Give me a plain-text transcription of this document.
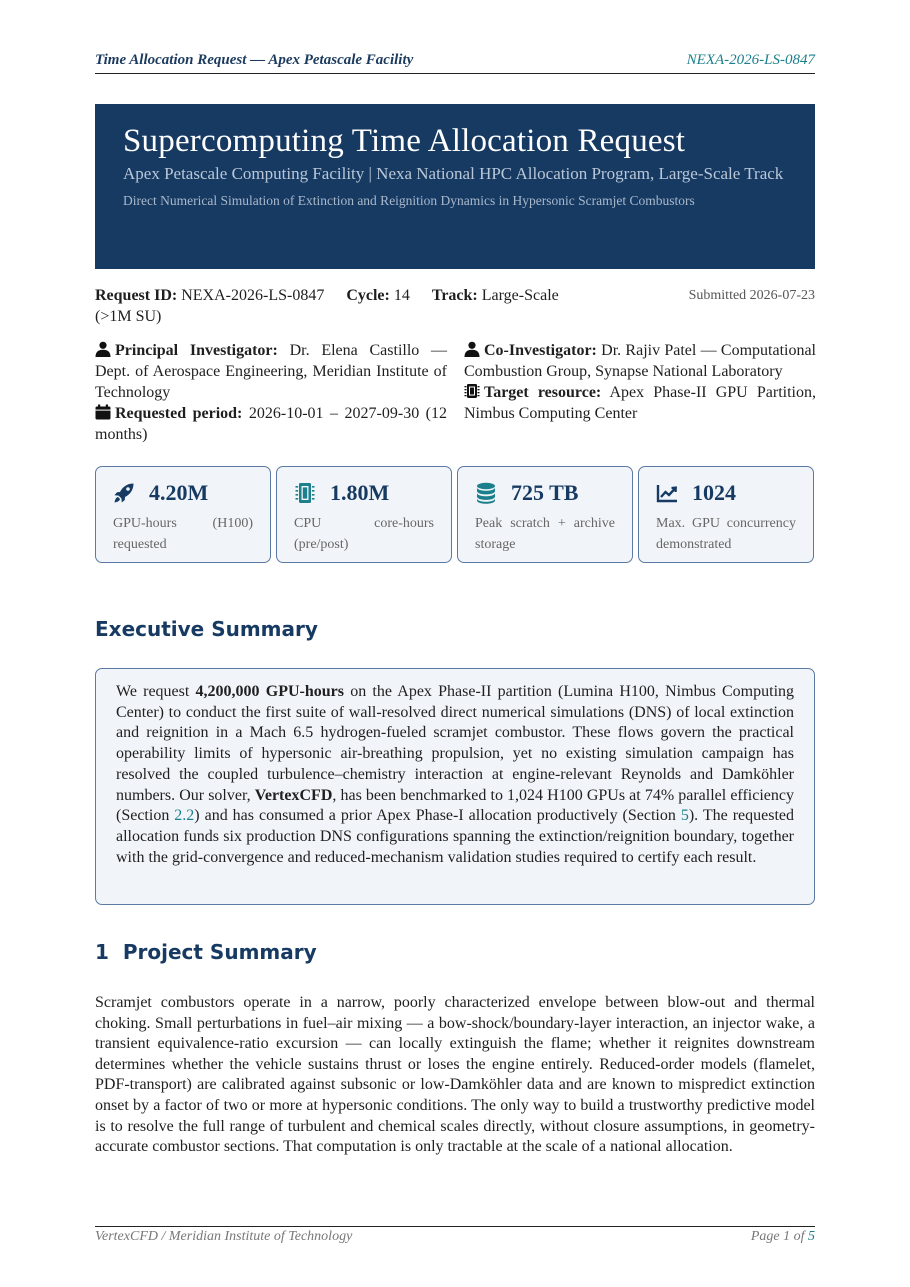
Time Allocation Request — Apex Petascale Facility	NEXA-2026-LS-0847
Supercomputing Time Allocation Request
Apex Petascale Computing Facility | Nexa National HPC Allocation Program, Large-Scale Track
Direct Numerical Simulation of Extinction and Reignition Dynamics in Hypersonic Scramjet Combustors
Request ID: NEXA-2026-LS-0847 Cycle: 14 Track: Large-Scale
(>1M SU)
Submitted 2026-07-23
Principal Investigator: Dr. Elena Castillo — Dept. of Aerospace Engineering, Meridian Institute of Technology
Requested period: 2026-10-01 – 2027-09-30 (12 months)
Co-Investigator: Dr. Rajiv Patel — Computational Combustion Group, Synapse National Laboratory
Target resource: Apex Phase-II GPU Partition, Nimbus Computing Center
4.20M
GPU-hours (H100) requested
1.80M
CPU core-hours (pre/post)
725 TB
Peak scratch + archive storage
1024
Max. GPU concurrency demonstrated
Executive Summary
We request 4,200,000 GPU-hours on the Apex Phase-II partition (Lumina H100, Nimbus Computing Center) to conduct the first suite of wall-resolved direct numerical simulations (DNS) of local extinction and reignition in a Mach 6.5 hydrogen-fueled scramjet combustor. These flows govern the practical operability limits of hypersonic air-breathing propulsion, yet no existing simulation campaign has resolved the coupled turbulence–chemistry interaction at engine-relevant Reynolds and Damköhler numbers. Our solver, VertexCFD, has been benchmarked to 1,024 H100 GPUs at 74% parallel efficiency (Section 2.2) and has consumed a prior Apex Phase-I allocation productively (Section 5). The requested allocation funds six production DNS configurations spanning the extinction/reignition boundary, together with the grid-convergence and reduced-mechanism validation studies required to certify each result.
1 Project Summary
Scramjet combustors operate in a narrow, poorly characterized envelope between blow-out and thermal choking. Small perturbations in fuel–air mixing — a bow-shock/boundary-layer interaction, an injector wake, a transient equivalence-ratio excursion — can locally extinguish the flame; whether it reignites downstream determines whether the vehicle sustains thrust or loses the engine entirely. Reduced-order models (flamelet, PDF-transport) are calibrated against subsonic or low-Damköhler data and are known to mispredict extinction onset by a factor of two or more at hypersonic conditions. The only way to build a trustworthy predictive model is to resolve the full range of turbulent and chemical scales directly, without closure assumptions, in geometry-accurate combustor sections. That computation is only tractable at the scale of a national allocation.
VertexCFD / Meridian Institute of Technology	Page 1 of 5
